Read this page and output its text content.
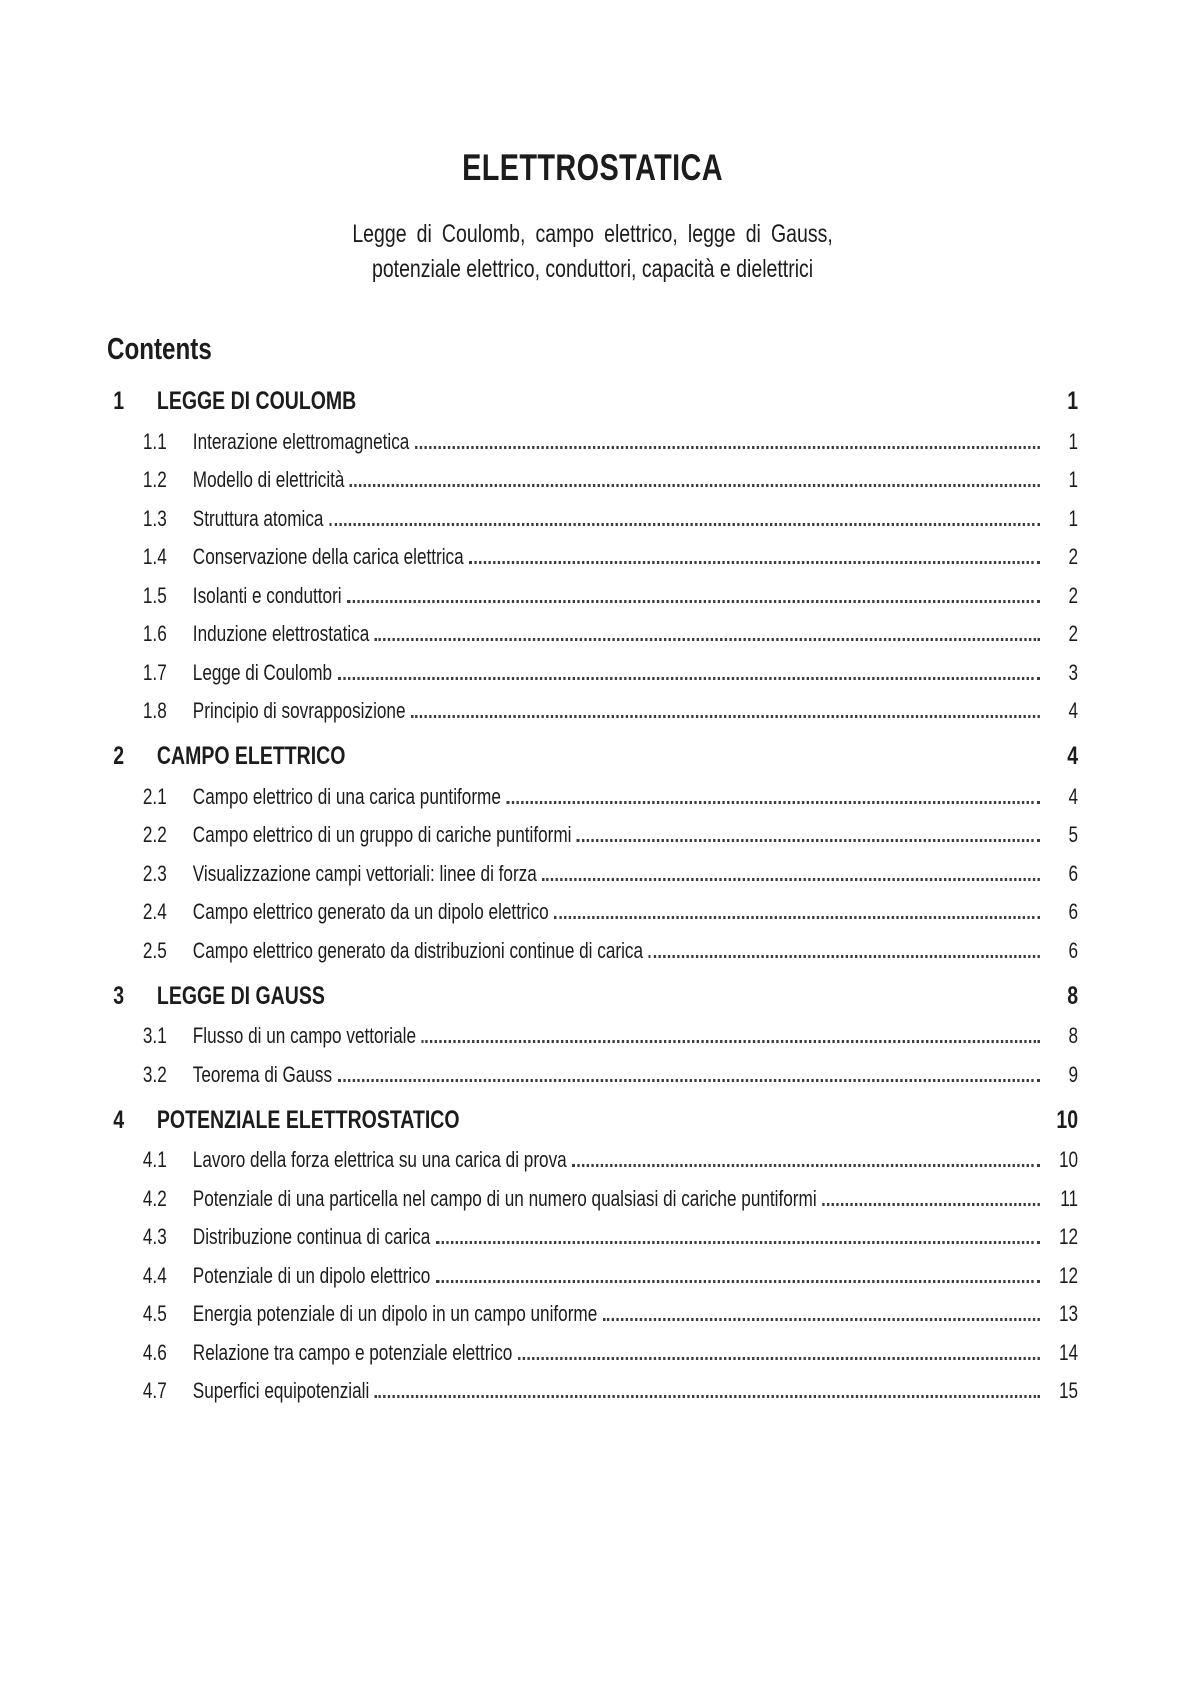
ELETTROSTATICA

Legge di Coulomb, campo elettrico, legge di Gauss,
potenziale elettrico, conduttori, capacità e dielettrici

Contents
1	LEGGE DI COULOMB	1
1.1	Interazione elettromagnetica	1
1.2	Modello di elettricità	1
1.3	Struttura atomica	1
1.4	Conservazione della carica elettrica	2
1.5	Isolanti e conduttori	2
1.6	Induzione elettrostatica	2
1.7	Legge di Coulomb	3
1.8	Principio di sovrapposizione	4
2	CAMPO ELETTRICO	4
2.1	Campo elettrico di una carica puntiforme	4
2.2	Campo elettrico di un gruppo di cariche puntiformi	5
2.3	Visualizzazione campi vettoriali: linee di forza	6
2.4	Campo elettrico generato da un dipolo elettrico	6
2.5	Campo elettrico generato da distribuzioni continue di carica	6
3	LEGGE DI GAUSS	8
3.1	Flusso di un campo vettoriale	8
3.2	Teorema di Gauss	9
4	POTENZIALE ELETTROSTATICO	10
4.1	Lavoro della forza elettrica su una carica di prova	10
4.2	Potenziale di una particella nel campo di un numero qualsiasi di cariche puntiformi	11
4.3	Distribuzione continua di carica	12
4.4	Potenziale di un dipolo elettrico	12
4.5	Energia potenziale di un dipolo in un campo uniforme	13
4.6	Relazione tra campo e potenziale elettrico	14
4.7	Superfici equipotenziali	15
